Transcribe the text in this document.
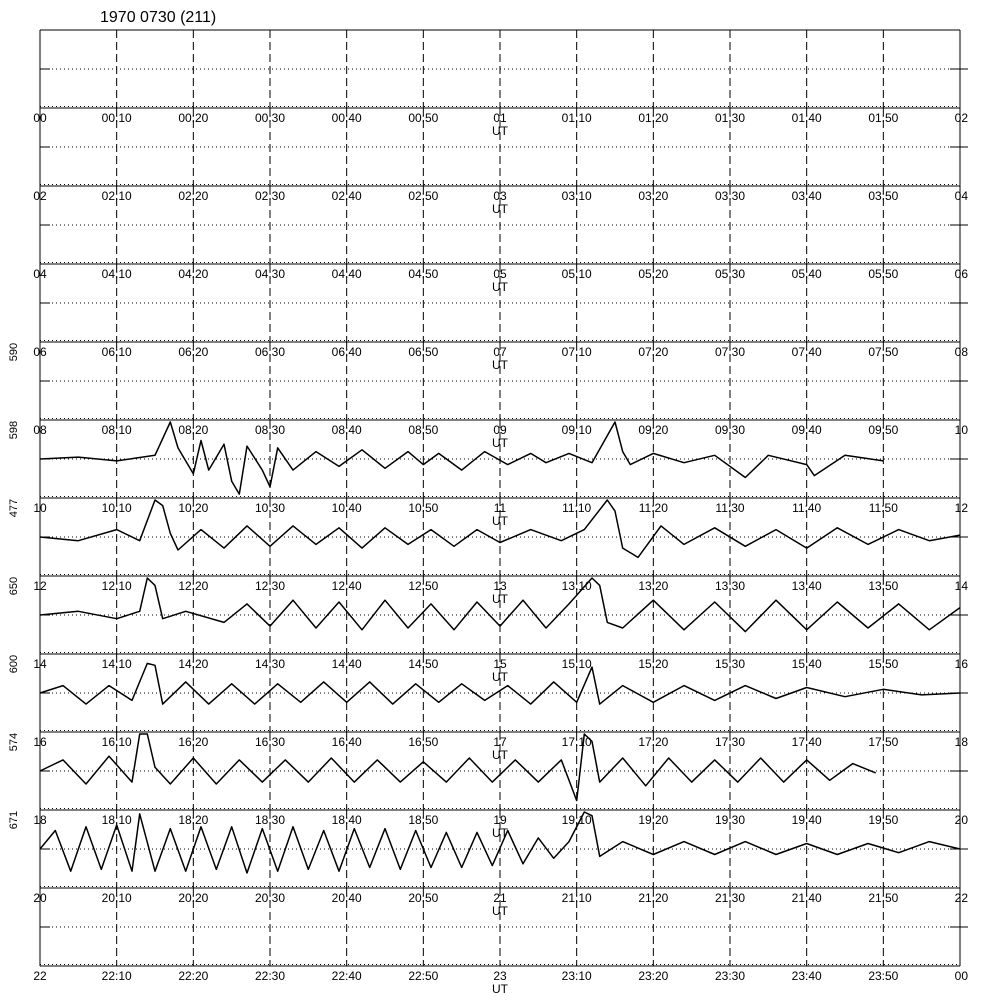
1970 0730 (211)
00	00:10	00:20	00:30	00:40	00:50	01	01:10	01:20	01:30	01:40	01:50	02
UT
02	02:10	02:20	02:30	02:40	02:50	03	03:10	03:20	03:30	03:40	03:50	04
UT
04	04:10	04:20	04:30	04:40	04:50	05	05:10	05:20	05:30	05:40	05:50	06
UT
06	06:10	06:20	06:30	06:40	06:50	07	07:10	07:20	07:30	07:40	07:50	08
UT
08	08:10	08:20	08:30	08:40	08:50	09	09:10	09:20	09:30	09:40	09:50	10
UT
590
10	10:10	10:20	10:30	10:40	10:50	11	11:10	11:20	11:30	11:40	11:50	12
UT
598
12	12:10	12:20	12:30	12:40	12:50	13	13:10	13:20	13:30	13:40	13:50	14
UT
477
14	14:10	14:20	14:30	14:40	14:50	15	15:10	15:20	15:30	15:40	15:50	16
UT
650
16	16:10	16:20	16:30	16:40	16:50	17	17:10	17:20	17:30	17:40	17:50	18
UT
600
18	18:10	18:20	18:30	18:40	18:50	19	19:10	19:20	19:30	19:40	19:50	20
UT
574
20	20:10	20:20	20:30	20:40	20:50	21	21:10	21:20	21:30	21:40	21:50	22
UT
671
22	22:10	22:20	22:30	22:40	22:50	23	23:10	23:20	23:30	23:40	23:50	00
UT
